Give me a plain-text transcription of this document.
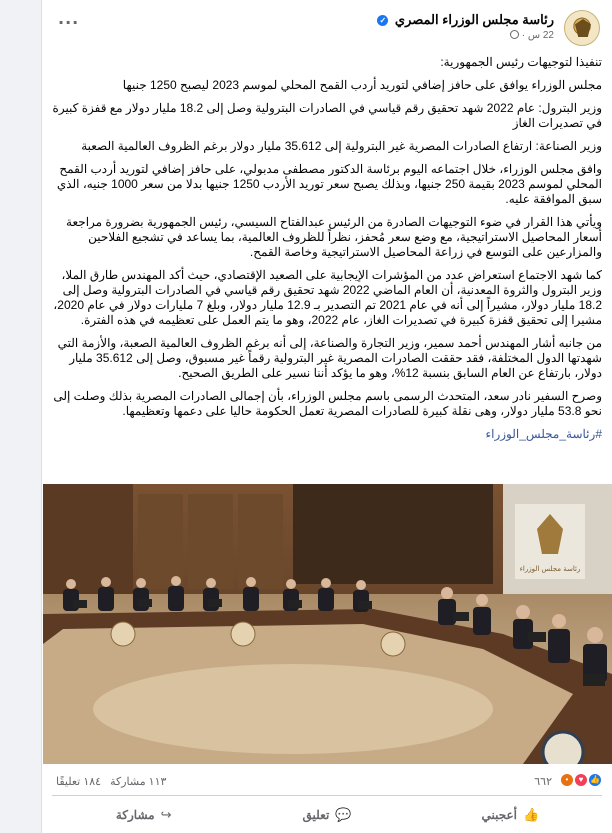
رئاسة مجلس الوزراء المصري ✓
22 س ·
···

تنفيذا لتوجيهات رئيس الجمهورية:

مجلس الوزراء يوافق على حافز إضافي لتوريد أردب القمح المحلي لموسم 2023 ليصبح 1250 جنيها

وزير البترول: عام 2022 شهد تحقيق رقم قياسي في الصادرات البترولية وصل إلى 18.2 مليار دولار مع قفزة كبيرة في تصديرات الغاز

وزير الصناعة: ارتفاع الصادرات المصرية غير البترولية إلى 35.612 مليار دولار برغم الظروف العالمية الصعبة

وافق مجلس الوزراء، خلال اجتماعه اليوم برئاسة الدكتور مصطفى مدبولي، على حافز إضافي لتوريد أردب القمح المحلي لموسم 2023 بقيمة 250 جنيها، وبذلك يصبح سعر توريد الأردب 1250 جنيها بدلا من سعر 1000 جنيه، الذي سبق الموافقة عليه.

ويأتي هذا القرار في ضوء التوجيهات الصادرة من الرئيس عبدالفتاح السيسي، رئيس الجمهورية بضرورة مراجعة أسعار المحاصيل الاستراتيجية، مع وضع سعر مُحفز، نظراً للظروف العالمية، بما يساعد في تشجيع الفلاحين والمزارعين على التوسع في زراعة المحاصيل الاستراتيجية وخاصة القمح.

كما شهد الاجتماع استعراض عدد من المؤشرات الإيجابية على الصعيد الإقتصادي، حيث أكد المهندس طارق الملا، وزير البترول والثروة المعدنية، أن العام الماضي 2022 شهد تحقيق رقم قياسي في الصادرات البترولية وصل إلى 18.2 مليار دولار، مشيراً إلى أنه في عام 2021 تم التصدير بـ 12.9 مليار دولار، وبلغ 7 مليارات دولار في عام 2020، مشيرا إلى تحقيق قفزة كبيرة في تصديرات الغاز، عام 2022، وهو ما يتم العمل على تعظيمه في هذه الفترة.

من جانبه أشار المهندس أحمد سمير، وزير التجارة والصناعة، إلى أنه برغم الظروف العالمية الصعبة، والأزمة التي شهدتها الدول المختلفة، فقد حققت الصادرات المصرية غير البترولية رقماً غير مسبوق، وصل إلى 35.612 مليار دولار، بارتفاع عن العام السابق بنسبة 12%، وهو ما يؤكد أننا نسير على الطريق الصحيح.

وصرح السفير نادر سعد، المتحدث الرسمى باسم مجلس الوزراء، بأن إجمالى الصادرات المصرية بذلك وصلت إلى نحو 53.8 مليار دولار، وهى نقلة كبيرة للصادرات المصرية تعمل الحكومة حاليا على دعمها وتعظيمها.

#رئاسة_مجلس_الوزراء

رئاسة مجلس الوزراء
👍 ♥ •
٦٦٢
١١٣ مشاركة ١٨٤ تعليقًا
👍
أعجبني
💬
تعليق
↪
مشاركة
